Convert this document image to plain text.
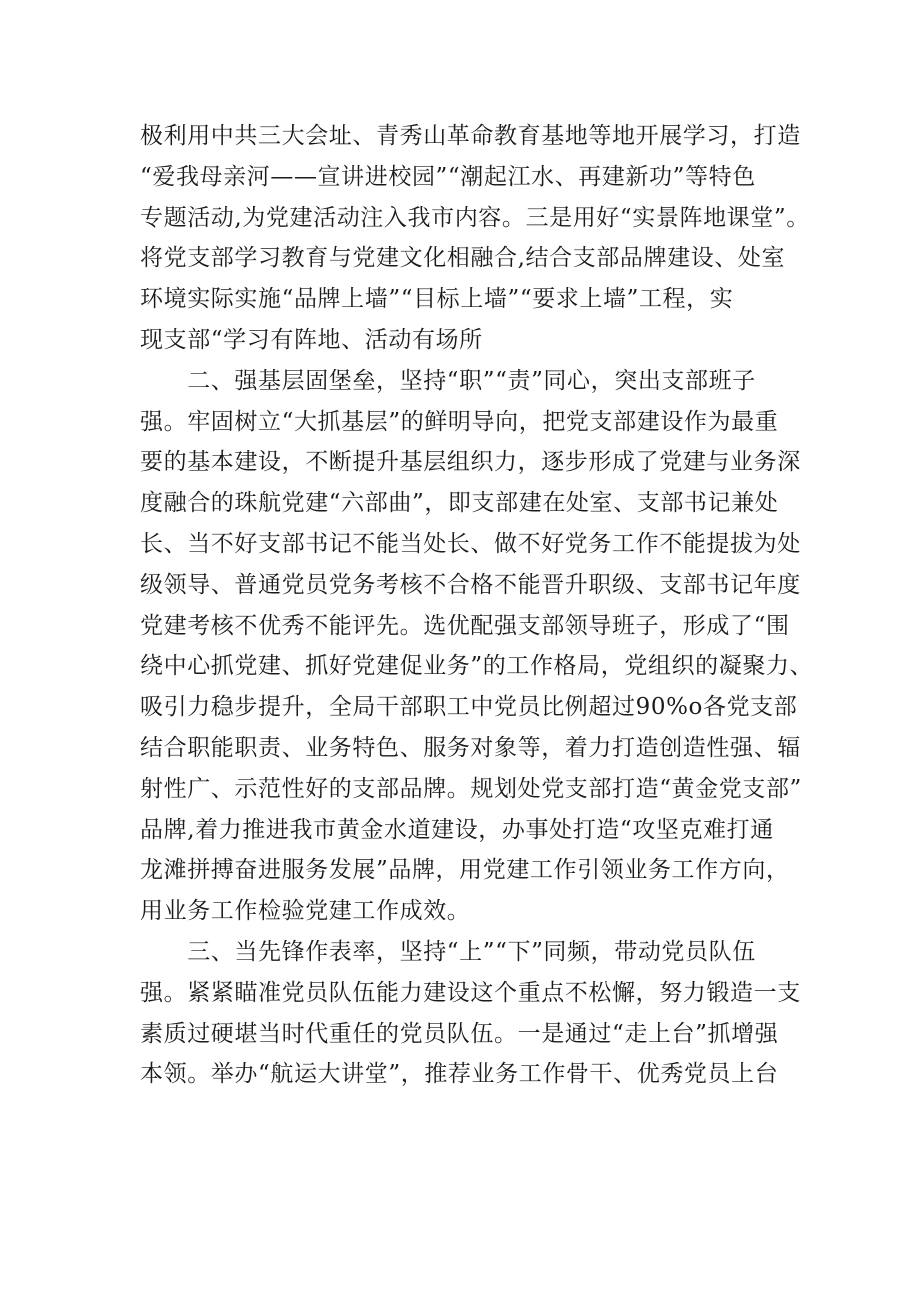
极利用中共三大会址、青秀山革命教育基地等地开展学习，打造
“爱我母亲河——宣讲进校园”“潮起江水、再建新功”等特色
专题活动,为党建活动注入我市内容。三是用好“实景阵地课堂”。
将党支部学习教育与党建文化相融合,结合支部品牌建设、处室
环境实际实施“品牌上墙”“目标上墙”“要求上墙”工程，实
现支部“学习有阵地、活动有场所
　　二、强基层固堡垒，坚持“职”“责”同心，突出支部班子
强。牢固树立“大抓基层”的鲜明导向，把党支部建设作为最重
要的基本建设，不断提升基层组织力，逐步形成了党建与业务深
度融合的珠航党建“六部曲”，即支部建在处室、支部书记兼处
长、当不好支部书记不能当处长、做不好党务工作不能提拔为处
级领导、普通党员党务考核不合格不能晋升职级、支部书记年度
党建考核不优秀不能评先。选优配强支部领导班子，形成了“围
绕中心抓党建、抓好党建促业务”的工作格局，党组织的凝聚力、
吸引力稳步提升，全局干部职工中党员比例超过90%o各党支部
结合职能职责、业务特色、服务对象等，着力打造创造性强、辐
射性广、示范性好的支部品牌。规划处党支部打造“黄金党支部”
品牌,着力推进我市黄金水道建设，办事处打造“攻坚克难打通
龙滩拼搏奋进服务发展”品牌，用党建工作引领业务工作方向，
用业务工作检验党建工作成效。
　　三、当先锋作表率，坚持“上”“下”同频，带动党员队伍
强。紧紧瞄准党员队伍能力建设这个重点不松懈，努力锻造一支
素质过硬堪当时代重任的党员队伍。一是通过“走上台”抓增强
本领。举办“航运大讲堂”，推荐业务工作骨干、优秀党员上台
